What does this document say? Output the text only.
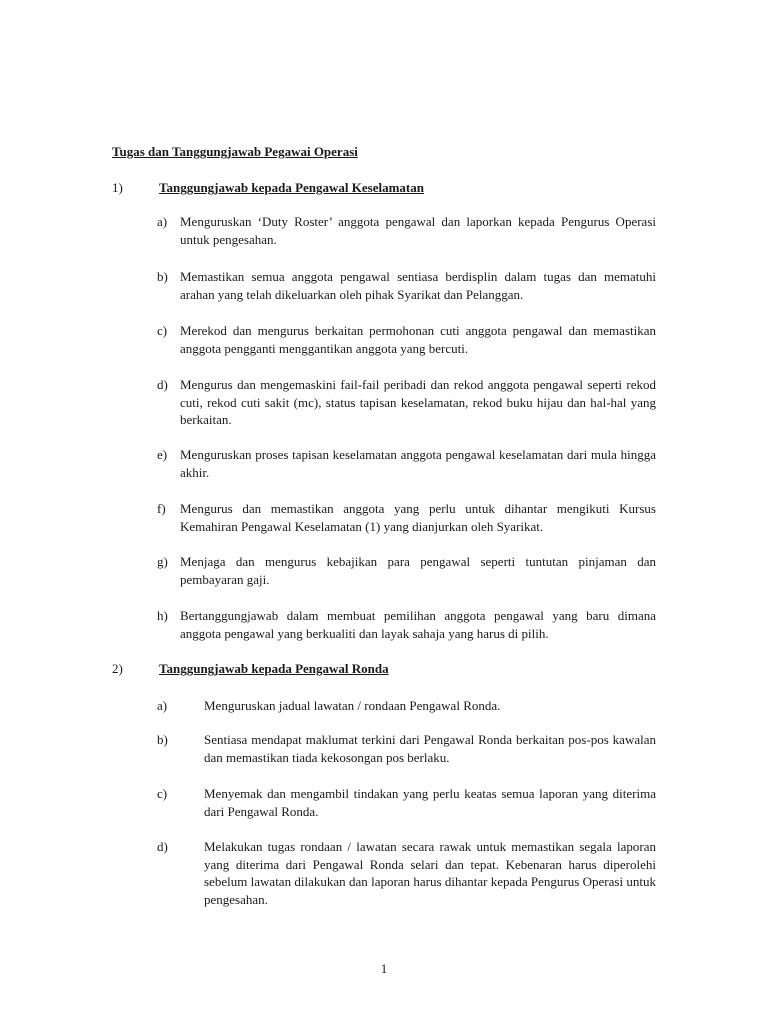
Tugas dan Tanggungjawab Pegawai Operasi
1)	Tanggungjawab kepada Pengawal Keselamatan
a) Menguruskan ‘Duty Roster’ anggota pengawal dan laporkan kepada Pengurus Operasi untuk pengesahan.
b) Memastikan semua anggota pengawal sentiasa berdisplin dalam tugas dan mematuhi arahan yang telah dikeluarkan oleh pihak Syarikat dan Pelanggan.
c) Merekod dan mengurus berkaitan permohonan cuti anggota pengawal dan memastikan anggota pengganti menggantikan anggota yang bercuti.
d) Mengurus dan mengemaskini fail-fail peribadi dan rekod anggota pengawal seperti rekod cuti, rekod cuti sakit (mc), status tapisan keselamatan, rekod buku hijau dan hal-hal yang berkaitan.
e) Menguruskan proses tapisan keselamatan anggota pengawal keselamatan dari mula hingga akhir.
f) Mengurus dan memastikan anggota yang perlu untuk dihantar mengikuti Kursus Kemahiran Pengawal Keselamatan (1) yang dianjurkan oleh Syarikat.
g) Menjaga dan mengurus kebajikan para pengawal seperti tuntutan pinjaman dan pembayaran gaji.
h) Bertanggungjawab dalam membuat pemilihan anggota pengawal yang baru dimana anggota pengawal yang berkualiti dan layak sahaja yang harus di pilih.
2)	Tanggungjawab kepada Pengawal Ronda
a)	Menguruskan jadual lawatan / rondaan Pengawal Ronda.
b)	Sentiasa mendapat maklumat terkini dari Pengawal Ronda berkaitan pos-pos kawalan dan memastikan tiada kekosongan pos berlaku.
c)	Menyemak dan mengambil tindakan yang perlu keatas semua laporan yang diterima dari Pengawal Ronda.
d)	Melakukan tugas rondaan / lawatan secara rawak untuk memastikan segala laporan yang diterima dari Pengawal Ronda selari dan tepat. Kebenaran harus diperolehi sebelum lawatan dilakukan dan laporan harus dihantar kepada Pengurus Operasi untuk pengesahan.
1
